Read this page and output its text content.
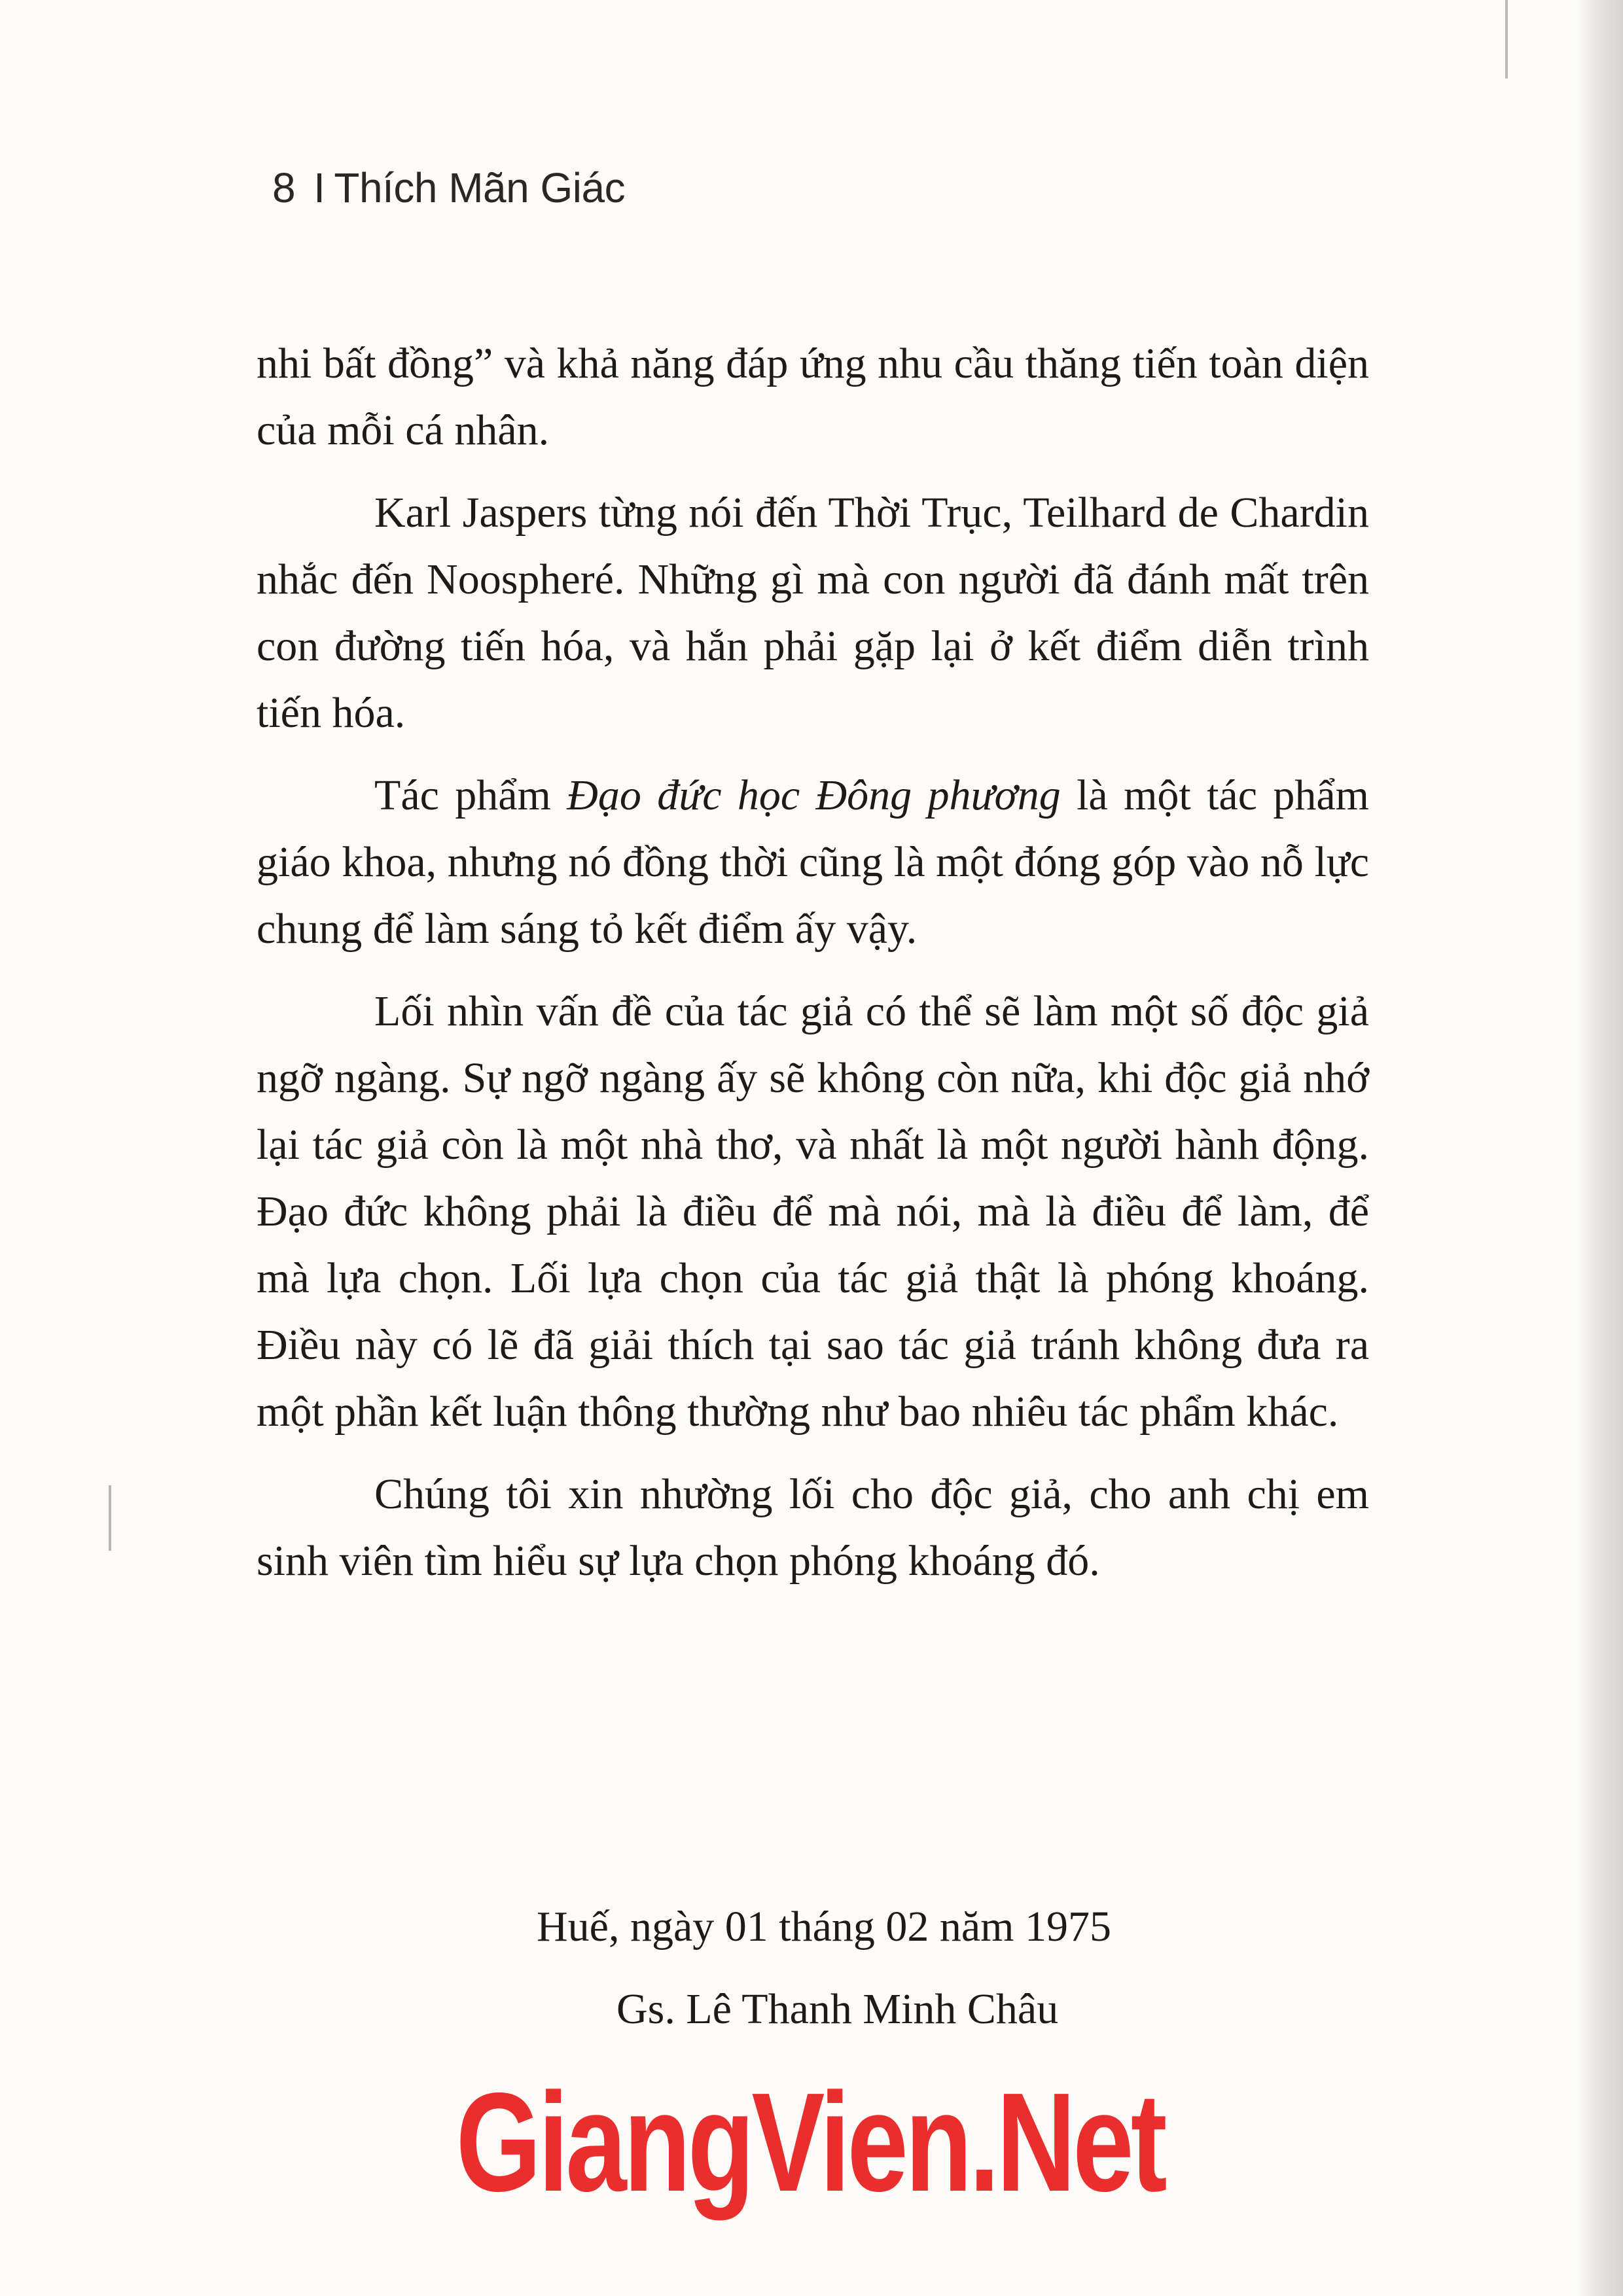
8 I Thích Mãn Giác

nhi bất đồng” và khả năng đáp ứng nhu cầu thăng tiến toàn diện của mỗi cá nhân.

Karl Jaspers từng nói đến Thời Trục, Teilhard de Chardin nhắc đến Noospheré. Những gì mà con người đã đánh mất trên con đường tiến hóa, và hắn phải gặp lại ở kết điểm diễn trình tiến hóa.

Tác phẩm Đạo đức học Đông phương là một tác phẩm giáo khoa, nhưng nó đồng thời cũng là một đóng góp vào nỗ lực chung để làm sáng tỏ kết điểm ấy vậy.

Lối nhìn vấn đề của tác giả có thể sẽ làm một số độc giả ngỡ ngàng. Sự ngỡ ngàng ấy sẽ không còn nữa, khi độc giả nhớ lại tác giả còn là một nhà thơ, và nhất là một người hành động. Đạo đức không phải là điều để mà nói, mà là điều để làm, để mà lựa chọn. Lối lựa chọn của tác giả thật là phóng khoáng. Điều này có lẽ đã giải thích tại sao tác giả tránh không đưa ra một phần kết luận thông thường như bao nhiêu tác phẩm khác.

Chúng tôi xin nhường lối cho độc giả, cho anh chị em sinh viên tìm hiểu sự lựa chọn phóng khoáng đó.

Huế, ngày 01 tháng 02 năm 1975
Gs. Lê Thanh Minh Châu
GiangVien.Net
